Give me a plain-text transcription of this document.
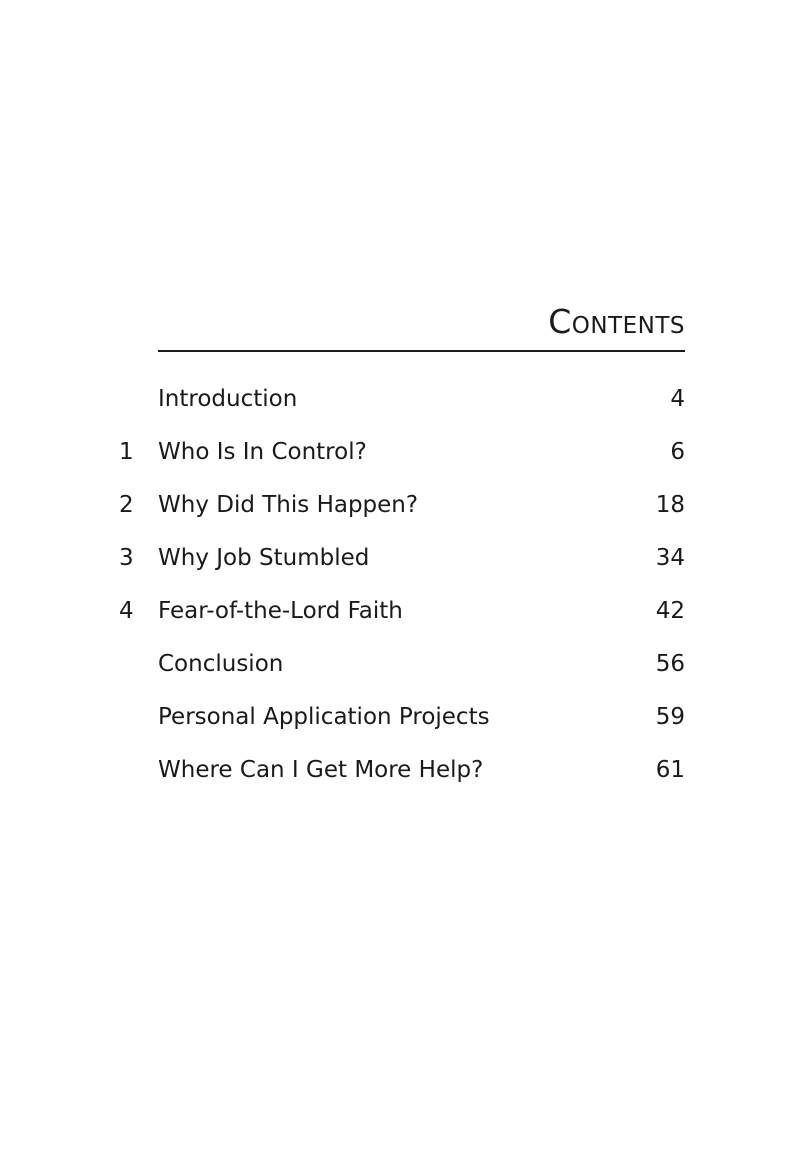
Contents
Introduction	4
1 Who Is In Control?	6
2 Why Did This Happen?	18
3 Why Job Stumbled	34
4 Fear-of-the-Lord Faith	42
Conclusion	56
Personal Application Projects	59
Where Can I Get More Help?	61
